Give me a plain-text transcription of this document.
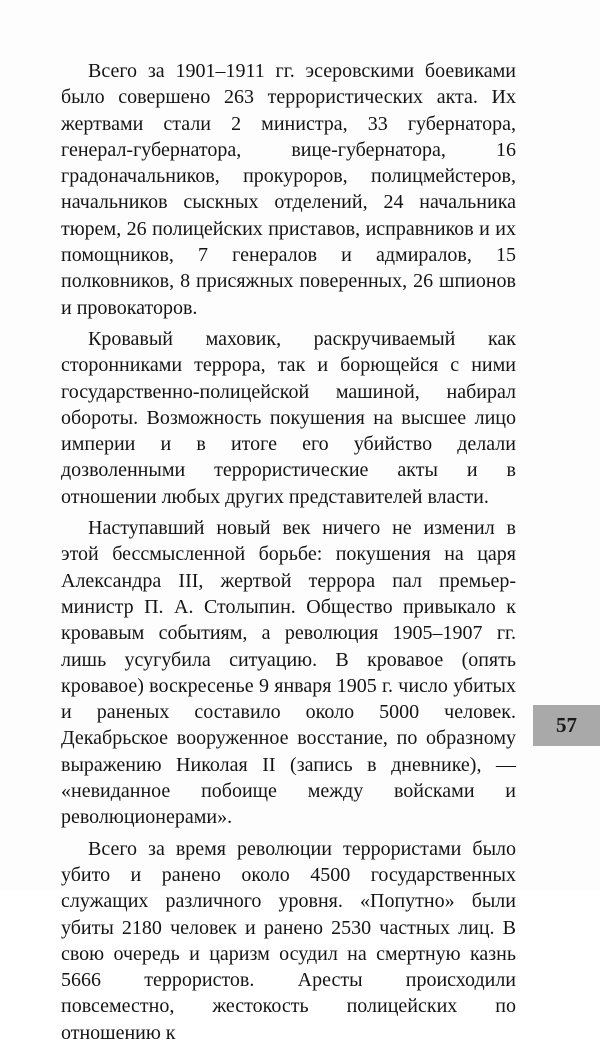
Всего за 1901–1911 гг. эсеровскими боевиками было совершено 263 террористических акта. Их жертвами стали 2 министра, 33 губернатора, генерал-губернатора, вице-губернатора, 16 градоначальников, прокуроров, полицмейстеров, начальников сыскных отделений, 24 начальника тюрем, 26 полицейских приставов, исправников и их помощников, 7 генералов и адмиралов, 15 полковников, 8 присяжных поверенных, 26 шпионов и провокаторов.

Кровавый маховик, раскручиваемый как сторонниками террора, так и борющейся с ними государственно-полицейской машиной, набирал обороты. Возможность покушения на высшее лицо империи и в итоге его убийство делали дозволенными террористические акты и в отношении любых других представителей власти.

Наступавший новый век ничего не изменил в этой бессмысленной борьбе: покушения на царя Александра III, жертвой террора пал премьер-министр П. А. Столыпин. Общество привыкало к кровавым событиям, а революция 1905–1907 гг. лишь усугубила ситуацию. В кровавое (опять кровавое) воскресенье 9 января 1905 г. число убитых и раненых составило около 5000 человек. Декабрьское вооруженное восстание, по образному выражению Николая II (запись в дневнике), — «невиданное побоище между войсками и революционерами».

Всего за время революции террористами было убито и ранено около 4500 государственных служащих различного уровня. «Попутно» были убиты 2180 человек и ранено 2530 частных лиц. В свою очередь и царизм осудил на смертную казнь 5666 террористов. Аресты происходили повсеместно, жестокость полицейских по отношению к

57
